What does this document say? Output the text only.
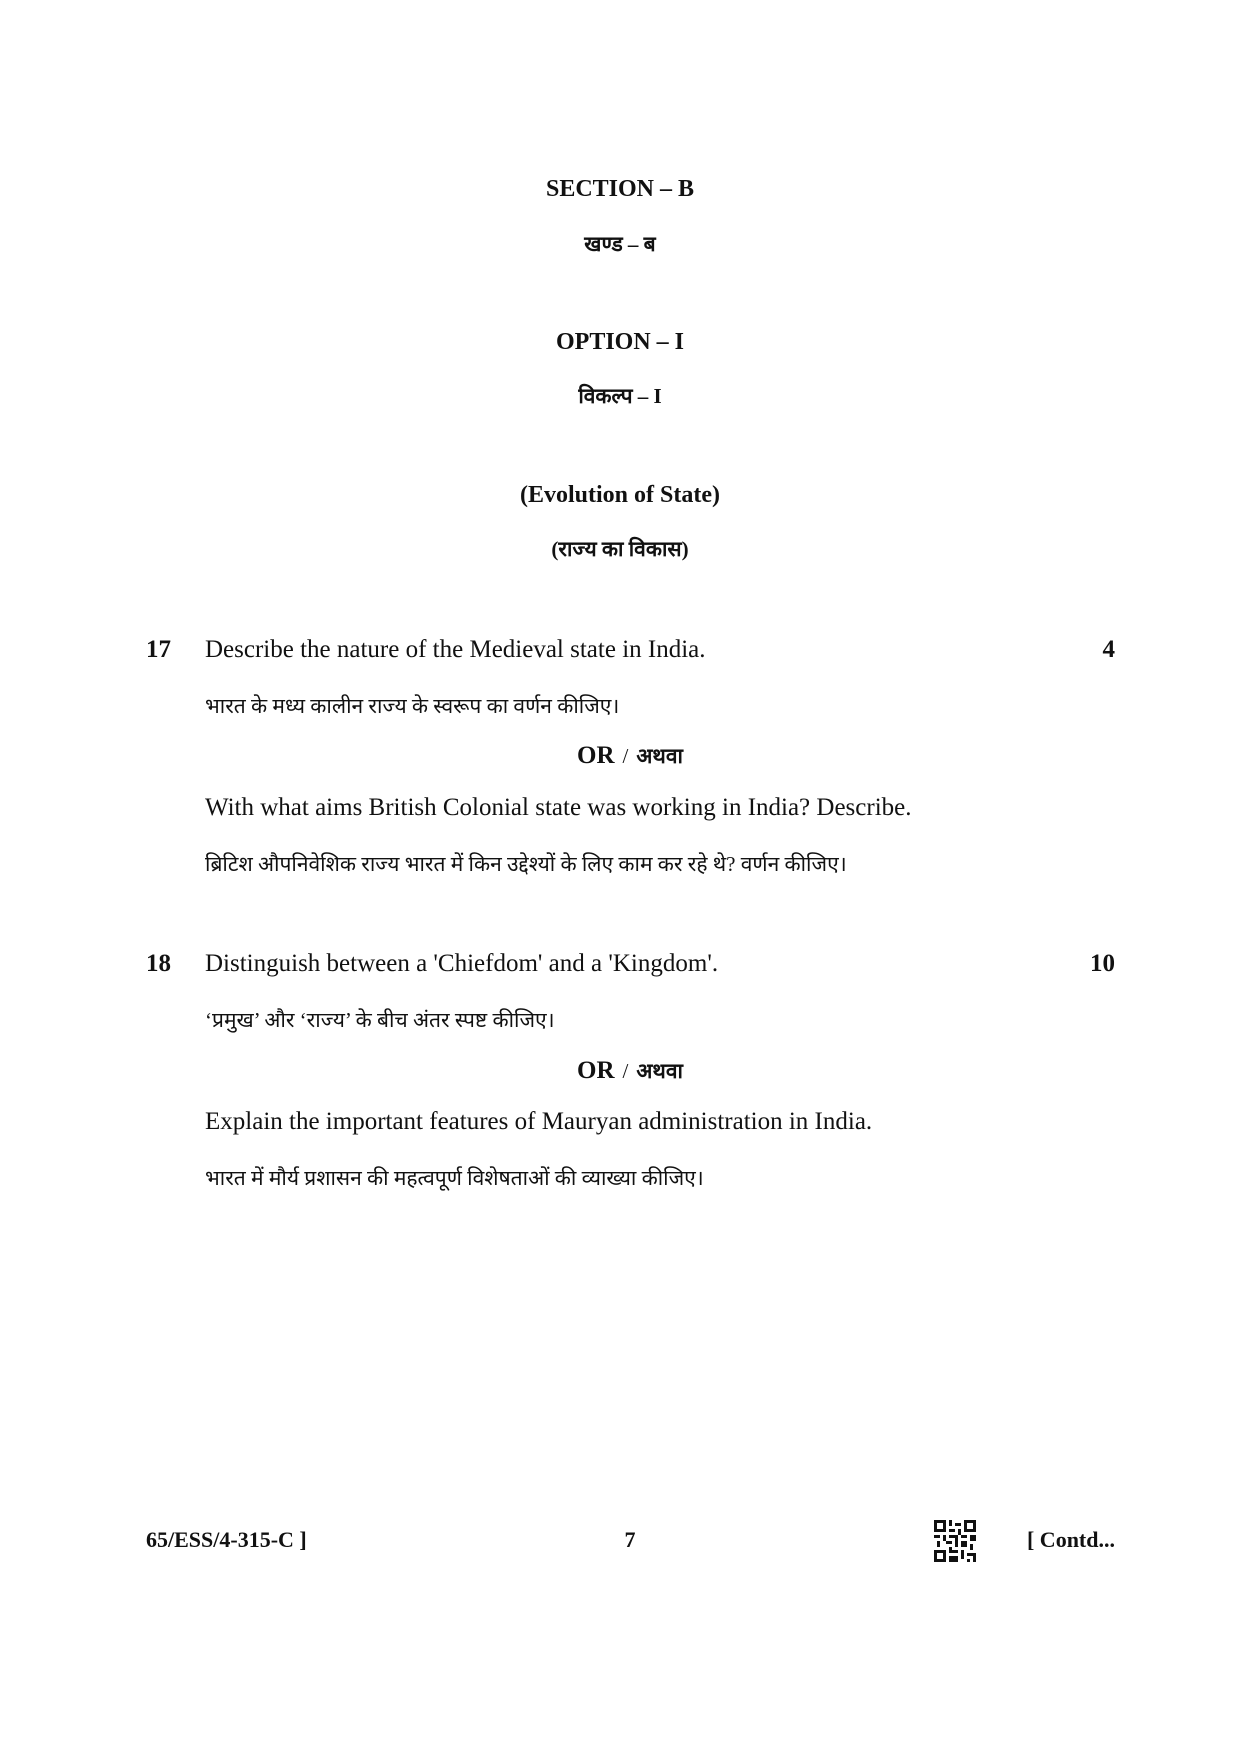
SECTION – B
खण्ड – ब
OPTION – I
विकल्प – I
(Evolution of State)
(राज्य का विकास)
17 Describe the nature of the Medieval state in India.	4
भारत के मध्य कालीन राज्य के स्वरूप का वर्णन कीजिए।
OR / अथवा
With what aims British Colonial state was working in India? Describe.
ब्रिटिश औपनिवेशिक राज्य भारत में किन उद्देश्यों के लिए काम कर रहे थे? वर्णन कीजिए।
18 Distinguish between a 'Chiefdom' and a 'Kingdom'.	10
‘प्रमुख’ और ‘राज्य’ के बीच अंतर स्पष्ट कीजिए।
OR / अथवा
Explain the important features of Mauryan administration in India.
भारत में मौर्य प्रशासन की महत्वपूर्ण विशेषताओं की व्याख्या कीजिए।
65/ESS/4-315-C ]	7	[ Contd...
